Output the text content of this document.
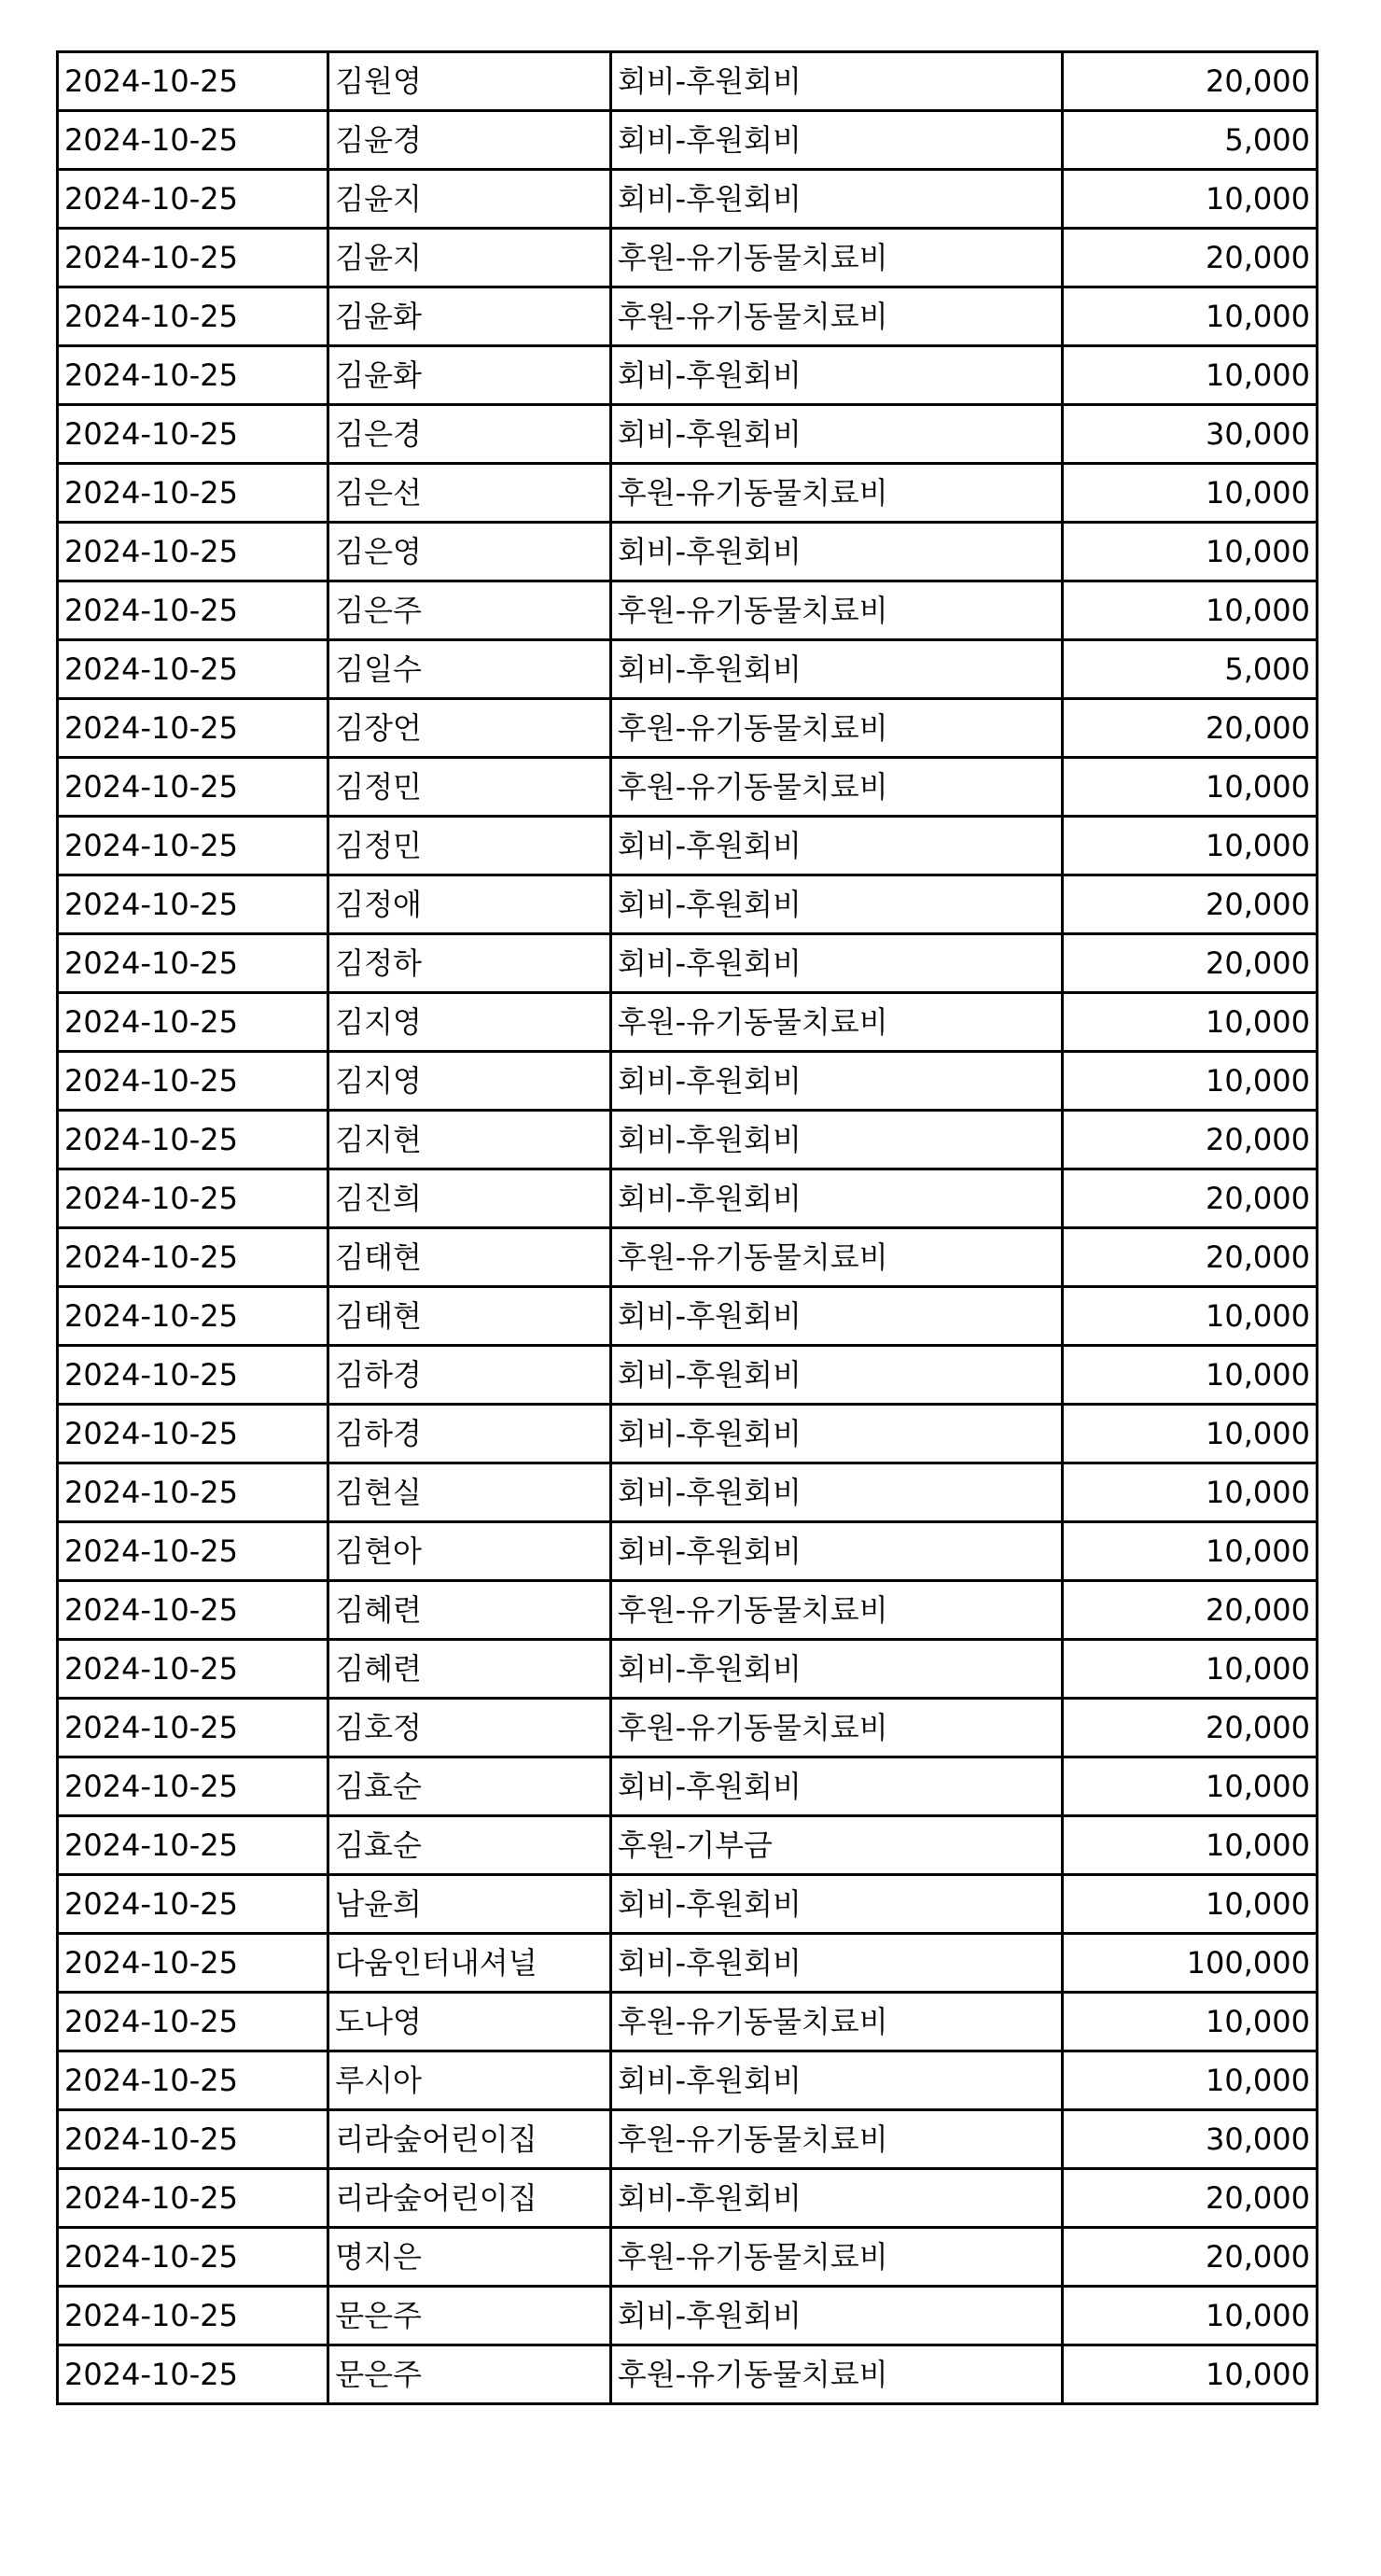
2024-10-25	김원영	회비-후원회비	20,000
2024-10-25	김윤경	회비-후원회비	5,000
2024-10-25	김윤지	회비-후원회비	10,000
2024-10-25	김윤지	후원-유기동물치료비	20,000
2024-10-25	김윤화	후원-유기동물치료비	10,000
2024-10-25	김윤화	회비-후원회비	10,000
2024-10-25	김은경	회비-후원회비	30,000
2024-10-25	김은선	후원-유기동물치료비	10,000
2024-10-25	김은영	회비-후원회비	10,000
2024-10-25	김은주	후원-유기동물치료비	10,000
2024-10-25	김일수	회비-후원회비	5,000
2024-10-25	김장언	후원-유기동물치료비	20,000
2024-10-25	김정민	후원-유기동물치료비	10,000
2024-10-25	김정민	회비-후원회비	10,000
2024-10-25	김정애	회비-후원회비	20,000
2024-10-25	김정하	회비-후원회비	20,000
2024-10-25	김지영	후원-유기동물치료비	10,000
2024-10-25	김지영	회비-후원회비	10,000
2024-10-25	김지현	회비-후원회비	20,000
2024-10-25	김진희	회비-후원회비	20,000
2024-10-25	김태현	후원-유기동물치료비	20,000
2024-10-25	김태현	회비-후원회비	10,000
2024-10-25	김하경	회비-후원회비	10,000
2024-10-25	김하경	회비-후원회비	10,000
2024-10-25	김현실	회비-후원회비	10,000
2024-10-25	김현아	회비-후원회비	10,000
2024-10-25	김혜련	후원-유기동물치료비	20,000
2024-10-25	김혜련	회비-후원회비	10,000
2024-10-25	김호정	후원-유기동물치료비	20,000
2024-10-25	김효순	회비-후원회비	10,000
2024-10-25	김효순	후원-기부금	10,000
2024-10-25	남윤희	회비-후원회비	10,000
2024-10-25	다움인터내셔널	회비-후원회비	100,000
2024-10-25	도나영	후원-유기동물치료비	10,000
2024-10-25	루시아	회비-후원회비	10,000
2024-10-25	리라숲어린이집	후원-유기동물치료비	30,000
2024-10-25	리라숲어린이집	회비-후원회비	20,000
2024-10-25	명지은	후원-유기동물치료비	20,000
2024-10-25	문은주	회비-후원회비	10,000
2024-10-25	문은주	후원-유기동물치료비	10,000
